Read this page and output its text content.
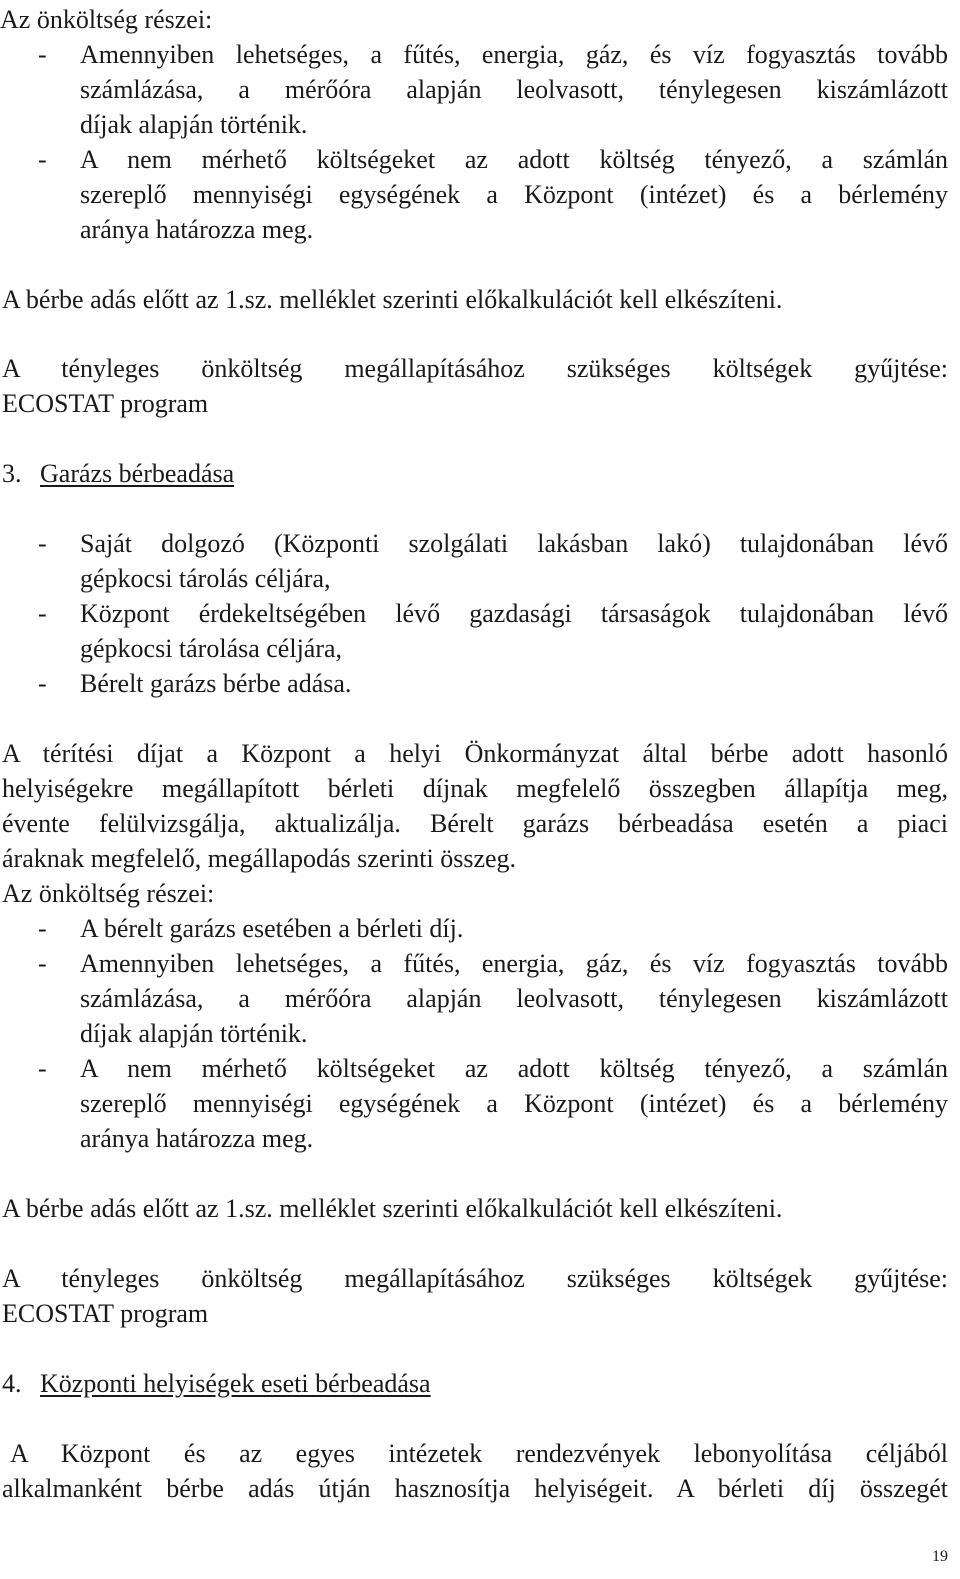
Az önköltség részei:
- Amennyiben lehetséges, a fűtés, energia, gáz, és víz fogyasztás tovább
számlázása, a mérőóra alapján leolvasott, ténylegesen kiszámlázott
díjak alapján történik.
- A nem mérhető költségeket az adott költség tényező, a számlán
szereplő mennyiségi egységének a Központ (intézet) és a bérlemény
aránya határozza meg.
A bérbe adás előtt az 1.sz. melléklet szerinti előkalkulációt kell elkészíteni.
A tényleges önköltség megállapításához szükséges költségek gyűjtése:
ECOSTAT program
3. Garázs bérbeadása
- Saját dolgozó (Központi szolgálati lakásban lakó) tulajdonában lévő
gépkocsi tárolás céljára,
- Központ érdekeltségében lévő gazdasági társaságok tulajdonában lévő
gépkocsi tárolása céljára,
- Bérelt garázs bérbe adása.
A térítési díjat a Központ a helyi Önkormányzat által bérbe adott hasonló
helyiségekre megállapított bérleti díjnak megfelelő összegben állapítja meg,
évente felülvizsgálja, aktualizálja. Bérelt garázs bérbeadása esetén a piaci
áraknak megfelelő, megállapodás szerinti összeg.
Az önköltség részei:
- A bérelt garázs esetében a bérleti díj.
- Amennyiben lehetséges, a fűtés, energia, gáz, és víz fogyasztás tovább
számlázása, a mérőóra alapján leolvasott, ténylegesen kiszámlázott
díjak alapján történik.
- A nem mérhető költségeket az adott költség tényező, a számlán
szereplő mennyiségi egységének a Központ (intézet) és a bérlemény
aránya határozza meg.
A bérbe adás előtt az 1.sz. melléklet szerinti előkalkulációt kell elkészíteni.
A tényleges önköltség megállapításához szükséges költségek gyűjtése:
ECOSTAT program
4. Központi helyiségek eseti bérbeadása
A Központ és az egyes intézetek rendezvények lebonyolítása céljából
alkalmanként bérbe adás útján hasznosítja helyiségeit. A bérleti díj összegét
19
